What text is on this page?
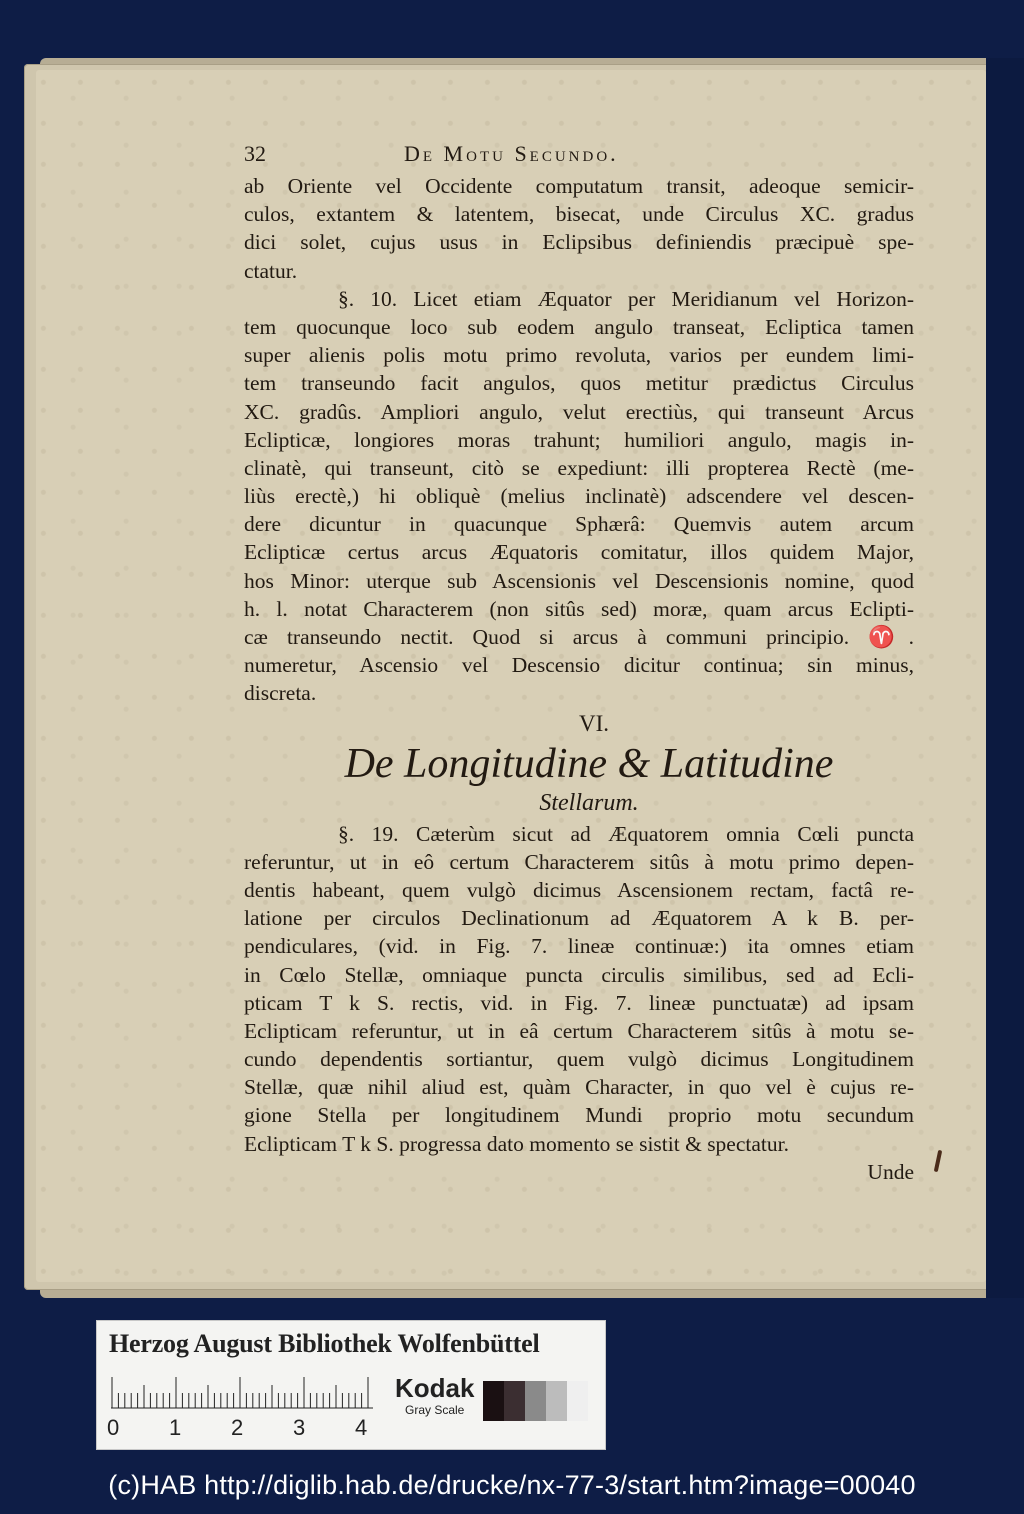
32	De Motu Secundo.
ab Oriente vel Occidente computatum transit, adeoque semicir-
culos, extantem & latentem, bisecat, unde Circulus XC. gradus
dici solet, cujus usus in Eclipsibus definiendis præcipuè spe-
ctatur.
§. 10. Licet etiam Æquator per Meridianum vel Horizon-
tem quocunque loco sub eodem angulo transeat, Ecliptica tamen
super alienis polis motu primo revoluta, varios per eundem limi-
tem transeundo facit angulos, quos metitur prædictus Circulus
XC. gradûs. Ampliori angulo, velut erectiùs, qui transeunt Arcus
Eclipticæ, longiores moras trahunt; humiliori angulo, magis in-
clinatè, qui transeunt, citò se expediunt: illi propterea Rectè (me-
liùs erectè,) hi obliquè (melius inclinatè) adscendere vel descen-
dere dicuntur in quacunque Sphærâ: Quemvis autem arcum
Eclipticæ certus arcus Æquatoris comitatur, illos quidem Major,
hos Minor: uterque sub Ascensionis vel Descensionis nomine, quod
h. l. notat Characterem (non sitûs sed) moræ, quam arcus Eclipti-
cæ transeundo nectit. Quod si arcus à communi principio. ♈.
numeretur, Ascensio vel Descensio dicitur continua; sin minus,
discreta.
VI.
De Longitudine & Latitudine
Stellarum.
§. 19. Cæterùm sicut ad Æquatorem omnia Cœli puncta
referuntur, ut in eô certum Characterem sitûs à motu primo depen-
dentis habeant, quem vulgò dicimus Ascensionem rectam, factâ re-
latione per circulos Declinationum ad Æquatorem A k B. per-
pendiculares, (vid. in Fig. 7. lineæ continuæ:) ita omnes etiam
in Cœlo Stellæ, omniaque puncta circulis similibus, sed ad Ecli-
pticam T k S. rectis, vid. in Fig. 7. lineæ punctuatæ) ad ipsam
Eclipticam referuntur, ut in eâ certum Characterem sitûs à motu se-
cundo dependentis sortiantur, quem vulgò dicimus Longitudinem
Stellæ, quæ nihil aliud est, quàm Character, in quo vel è cujus re-
gione Stella per longitudinem Mundi proprio motu secundum
Eclipticam T k S. progressa dato momento se sistit & spectatur.
Unde
Herzog August Bibliothek Wolfenbüttel
0 1 2 3 4
Kodak
Gray Scale
(c)HAB http://diglib.hab.de/drucke/nx-77-3/start.htm?image=00040
